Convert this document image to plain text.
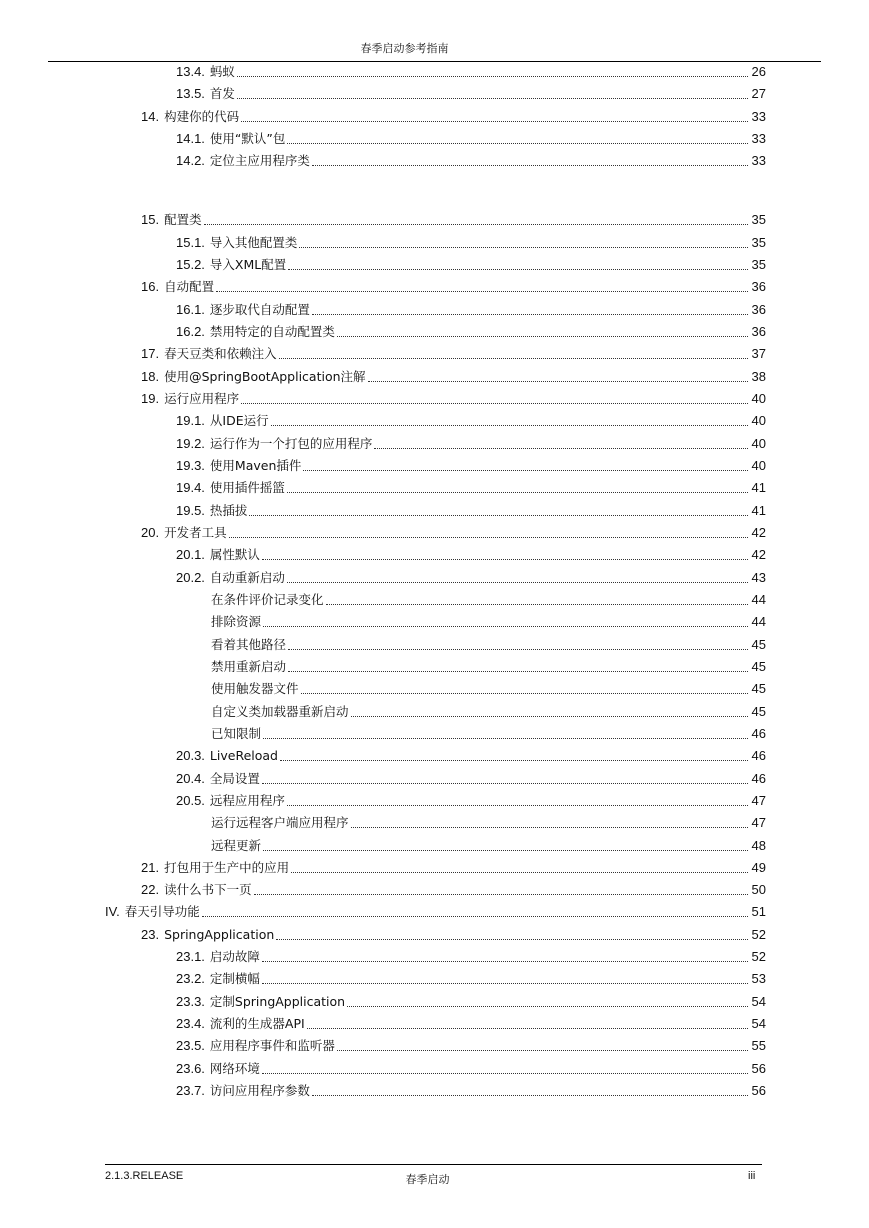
春季启动参考指南
13.4. 蚂蚁	26
13.5. 首发	27
14. 构建你的代码	33
14.1. 使用“默认”包	33
14.2. 定位主应用程序类	33
15. 配置类	35
15.1. 导入其他配置类	35
15.2. 导入XML配置	35
16. 自动配置	36
16.1. 逐步取代自动配置	36
16.2. 禁用特定的自动配置类	36
17. 春天豆类和依赖注入	37
18. 使用@SpringBootApplication注解	38
19. 运行应用程序	40
19.1. 从IDE运行	40
19.2. 运行作为一个打包的应用程序	40
19.3. 使用Maven插件	40
19.4. 使用插件摇篮	41
19.5. 热插拔	41
20. 开发者工具	42
20.1. 属性默认	42
20.2. 自动重新启动	43
在条件评价记录变化	44
排除资源	44
看着其他路径	45
禁用重新启动	45
使用触发器文件	45
自定义类加载器重新启动	45
已知限制	46
20.3. LiveReload	46
20.4. 全局设置	46
20.5. 远程应用程序	47
运行远程客户端应用程序	47
远程更新	48
21. 打包用于生产中的应用	49
22. 读什么书下一页	50
IV. 春天引导功能	51
23. SpringApplication	52
23.1. 启动故障	52
23.2. 定制横幅	53
23.3. 定制SpringApplication	54
23.4. 流利的生成器API	54
23.5. 应用程序事件和监听器	55
23.6. 网络环境	56
23.7. 访问应用程序参数	56
2.1.3.RELEASE	春季启动	iii
